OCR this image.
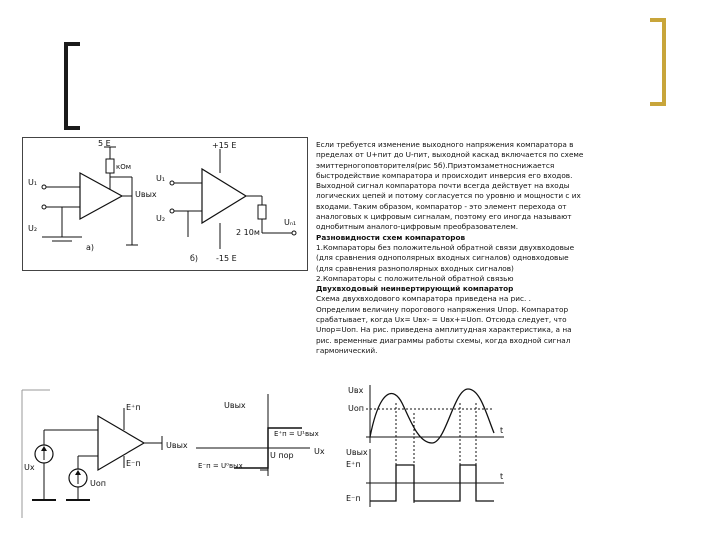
5 E
кОм
U₁
U₂
Uвых
а)
+15 E
U₁
U₂
2 10м
Uₙ₁
-15 E
б)

Если требуется изменение выходного напряжения компаратора в

пределах от U+пит до U-пит, выходной каскад включается по схеме

эмиттерногоповторителя(рис 5б).Приэтомзаметноснижается

быстродействие компаратора и происходит инверсия его входов.

Выходной сигнал компаратора почти всегда действует на входы

логических цепей и потому согласуется по уровню и мощности с их

входами. Таким образом, компаратор - это элемент перехода от

аналоговых к цифровым сигналам, поэтому его иногда называют

однобитным аналого-цифровым преобразователем.

Разновидности схем компараторов

1.Компараторы без положительной обратной связи двухвходовые

(для сравнения однополярных входных сигналов) одновходовые

(для сравнения разнополярных входных сигналов)

2.Компараторы с положительной обратной связью

Двухвходовый неинвертирующий компаратор

Схема двухвходового компаратора приведена на рис. .

Определим величину порогового напряжения Uпор. Компаратор

срабатывает, когда Uх= Uвх- = Uвх+=Uоп. Отсюда следует, что

Uпор=Uоп. На рис. приведена амплитудная характеристика, а на

рис. временные диаграммы работы схемы, когда входной сигнал

гармонический.

E⁺п
E⁻п
Uвых
Ux
Uоп
Uвых
E⁺п = U¹вых
E⁻п = U⁰вых
U пор	Ux
Uвх
Uоп
t
Uвых
E⁺п
t
E⁻п
